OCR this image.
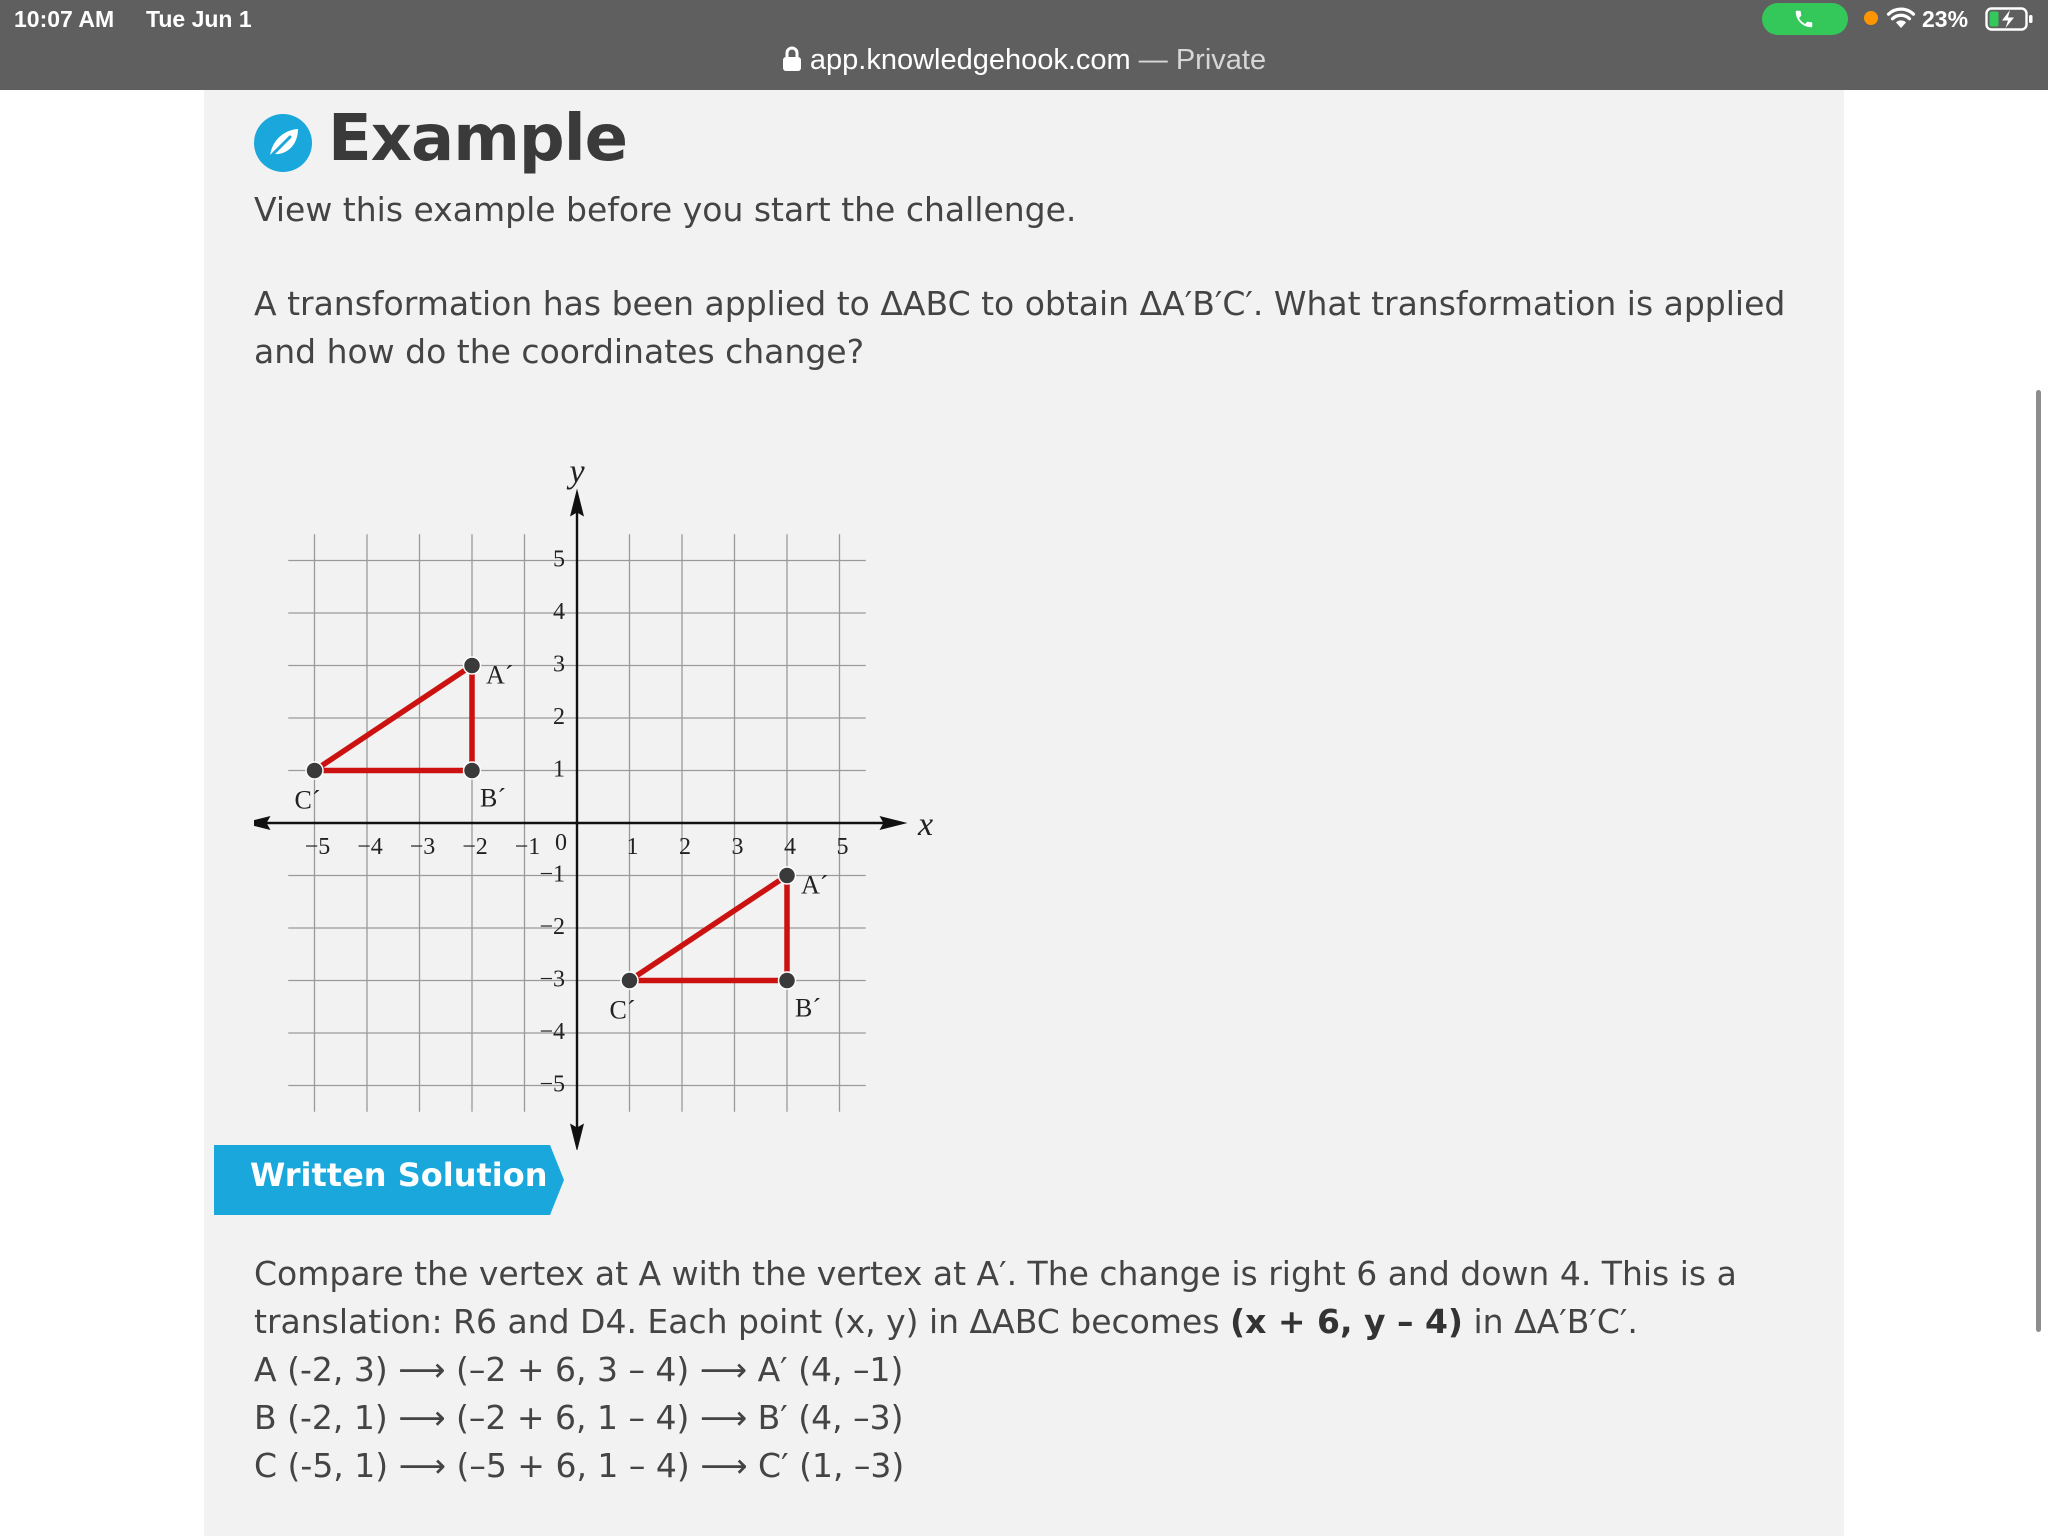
10:07 AM Tue Jun 1	23%
app.knowledgehook.com — Private
Example
View this example before you start the challenge.
A transformation has been applied to ΔABC to obtain ΔA′B′C′. What transformation is applied and how do the coordinates change?
x
y
−5 −4 −3 −2 −1	1 2 3 4 5
0
5
4
3
2
1
−1
−2
−3
−4
−5
A´
B´
C´
A´
B´
C´
Written Solution

Compare the vertex at A with the vertex at A′. The change is right 6 and down 4. This is a translation: R6 and D4. Each point (x, y) in ΔABC becomes (x + 6, y – 4) in ΔA′B′C′.

A (-2, 3) ⟶ (–2 + 6, 3 – 4) ⟶ A′ (4, –1)

B (-2, 1) ⟶ (–2 + 6, 1 – 4) ⟶ B′ (4, –3)

C (-5, 1) ⟶ (–5 + 6, 1 – 4) ⟶ C′ (1, –3)
